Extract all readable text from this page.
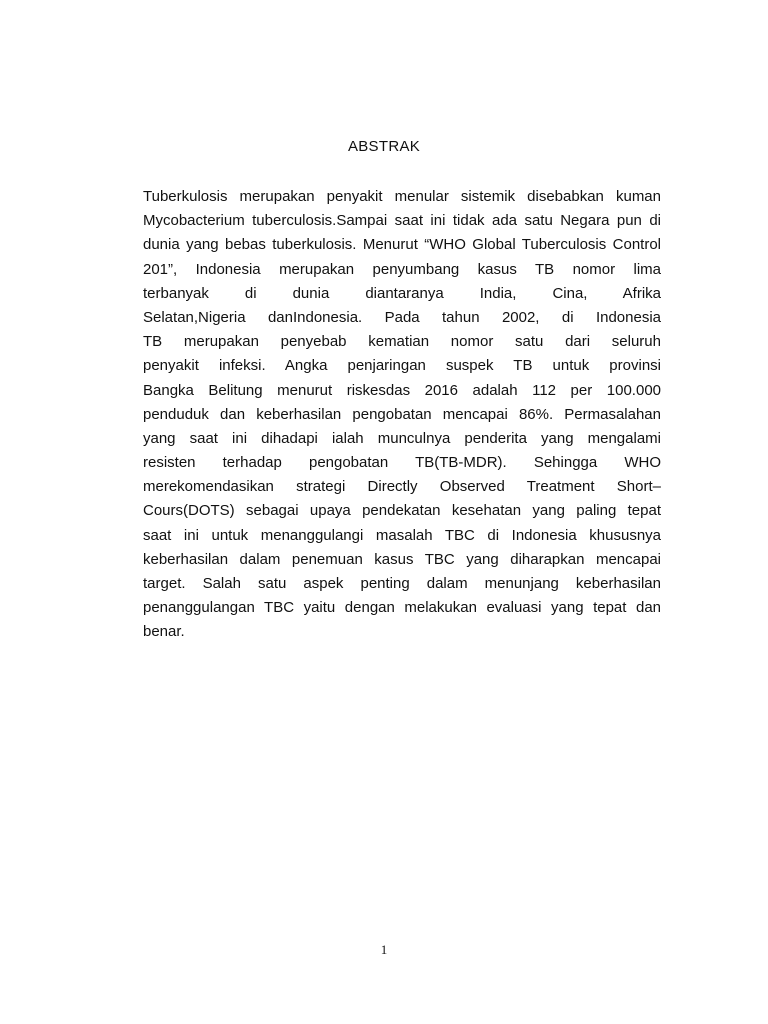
ABSTRAK
Tuberkulosis merupakan penyakit menular sistemik disebabkan kuman
Mycobacterium tuberculosis.Sampai saat ini tidak ada satu Negara pun di
dunia yang bebas tuberkulosis. Menurut “WHO Global Tuberculosis Control
201”, Indonesia merupakan penyumbang kasus TB nomor lima
terbanyak di dunia diantaranya India, Cina, Afrika
Selatan,Nigeria danIndonesia. Pada tahun 2002, di Indonesia
TB merupakan penyebab kematian nomor satu dari seluruh
penyakit infeksi. Angka penjaringan suspek TB untuk provinsi
Bangka Belitung menurut riskesdas 2016 adalah 112 per 100.000
penduduk dan keberhasilan pengobatan mencapai 86%. Permasalahan
yang saat ini dihadapi ialah munculnya penderita yang mengalami
resisten terhadap pengobatan TB(TB-MDR). Sehingga WHO
merekomendasikan strategi Directly Observed Treatment Short–
Cours(DOTS) sebagai upaya pendekatan kesehatan yang paling tepat
saat ini untuk menanggulangi masalah TBC di Indonesia khususnya
keberhasilan dalam penemuan kasus TBC yang diharapkan mencapai
target. Salah satu aspek penting dalam menunjang keberhasilan
penanggulangan TBC yaitu dengan melakukan evaluasi yang tepat dan
benar.
1
